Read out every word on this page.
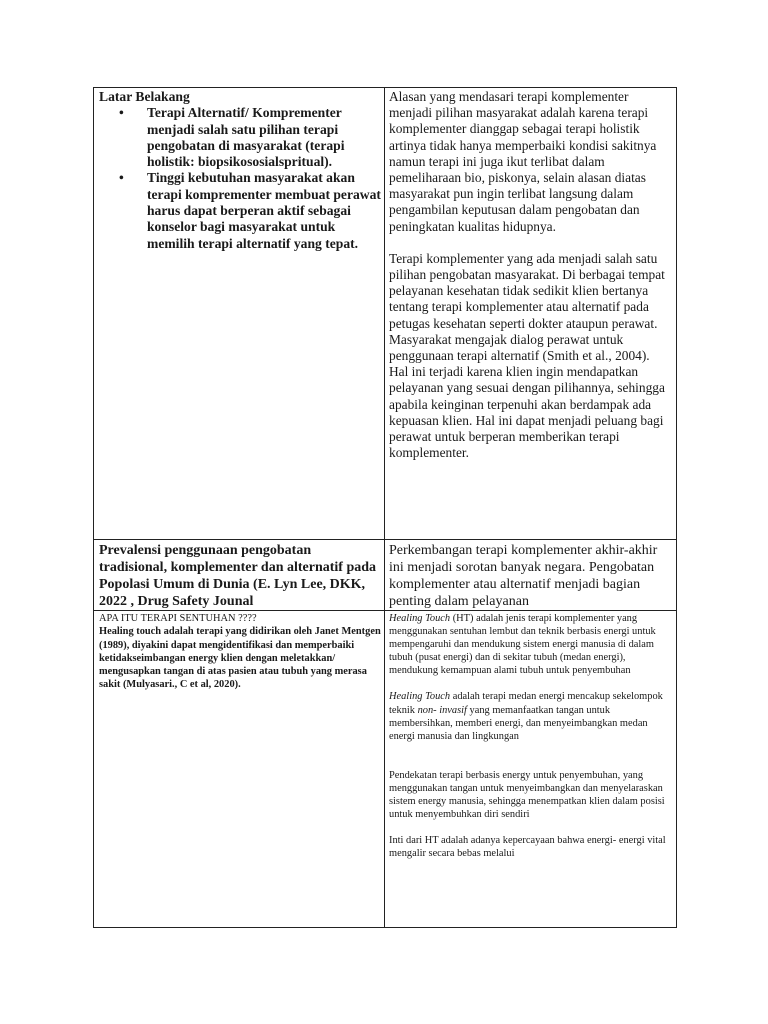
Latar Belakang

• Terapi Alternatif/ Komprementer menjadi salah satu pilihan terapi pengobatan di masyarakat (terapi holistik: biopsikososialspritual).
• Tinggi kebutuhan masyarakat akan terapi komprementer membuat perawat harus dapat berperan aktif sebagai konselor bagi masyarakat untuk memilih terapi alternatif yang tepat.

Alasan yang mendasari terapi komplementer menjadi pilihan masyarakat adalah karena terapi komplementer dianggap sebagai terapi holistik artinya tidak hanya memperbaiki kondisi sakitnya namun terapi ini juga ikut terlibat dalam pemeliharaan bio, piskonya, selain alasan diatas masyarakat pun ingin terlibat langsung dalam pengambilan keputusan dalam pengobatan dan peningkatan kualitas hidupnya.

Terapi komplementer yang ada menjadi salah satu pilihan pengobatan masyarakat. Di berbagai tempat pelayanan kesehatan tidak sedikit klien bertanya tentang terapi komplementer atau alternatif pada petugas kesehatan seperti dokter ataupun perawat. Masyarakat mengajak dialog perawat untuk penggunaan terapi alternatif (Smith et al., 2004). Hal ini terjadi karena klien ingin mendapatkan pelayanan yang sesuai dengan pilihannya, sehingga apabila keinginan terpenuhi akan berdampak ada kepuasan klien. Hal ini dapat menjadi peluang bagi perawat untuk berperan memberikan terapi komplementer.

Prevalensi penggunaan pengobatan tradisional, komplementer dan alternatif pada Popolasi Umum di Dunia (E. Lyn Lee, DKK, 2022 , Drug Safety Jounal

Perkembangan terapi komplementer akhir-akhir ini menjadi sorotan banyak negara. Pengobatan komplementer atau alternatif menjadi bagian penting dalam pelayanan

APA ITU TERAPI SENTUHAN ????

Healing touch adalah terapi yang didirikan oleh Janet Mentgen (1989), diyakini dapat mengidentifikasi dan memperbaiki ketidakseimbangan energy klien dengan meletakkan/ mengusapkan tangan di atas pasien atau tubuh yang merasa sakit (Mulyasari., C et al, 2020).

Healing Touch (HT) adalah jenis terapi komplementer yang menggunakan sentuhan lembut dan teknik berbasis energi untuk mempengaruhi dan mendukung sistem energi manusia di dalam tubuh (pusat energi) dan di sekitar tubuh (medan energi), mendukung kemampuan alami tubuh untuk penyembuhan

Healing Touch adalah terapi medan energi mencakup sekelompok teknik non- invasif yang memanfaatkan tangan untuk membersihkan, memberi energi, dan menyeimbangkan medan energi manusia dan lingkungan

Pendekatan terapi berbasis energy untuk penyembuhan, yang menggunakan tangan untuk menyeimbangkan dan menyelaraskan sistem energy manusia, sehingga menempatkan klien dalam posisi untuk menyembuhkan diri sendiri

Inti dari HT adalah adanya kepercayaan bahwa energi- energi vital mengalir secara bebas melalui
